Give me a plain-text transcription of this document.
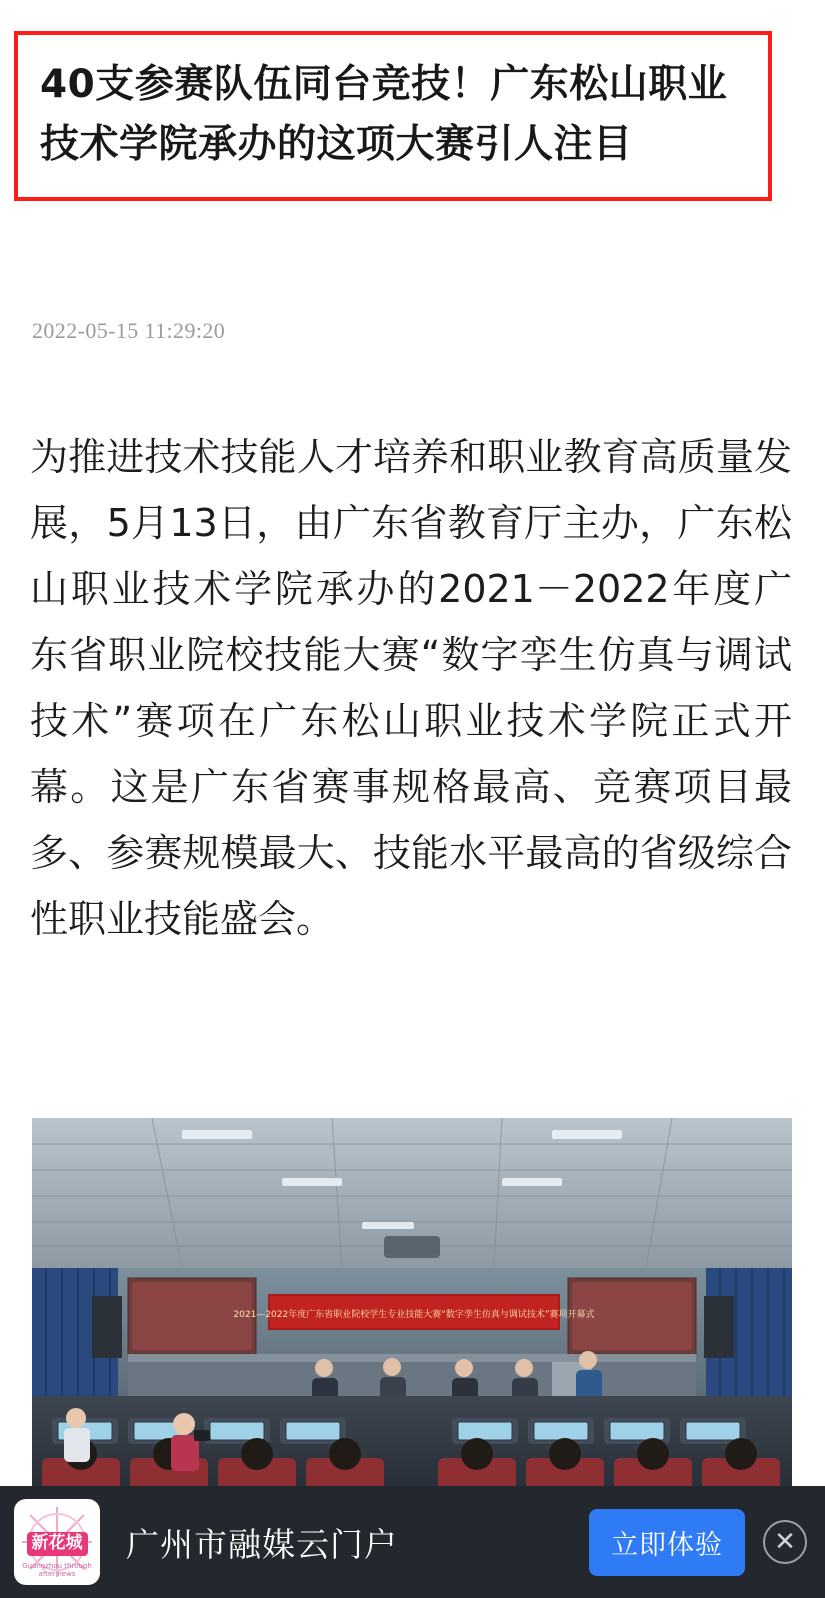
40支参赛队伍同台竞技！广东松山职业技术学院承办的这项大赛引人注目
2022-05-15 11:29:20

为推进技术技能人才培养和职业教育高质量发展，5月13日，由广东省教育厅主办，广东松山职业技术学院承办的2021－2022年度广东省职业院校技能大赛“数字孪生仿真与调试技术”赛项在广东松山职业技术学院正式开幕。这是广东省赛事规格最高、竞赛项目最多、参赛规模最大、技能水平最高的省级综合性职业技能盛会。

2021—2022年度广东省职业院校学生专业技能大赛“数字孪生仿真与调试技术”赛项开幕式
新花城
Guangzhou through after news
广州市融媒云门户	立即体验	✕
